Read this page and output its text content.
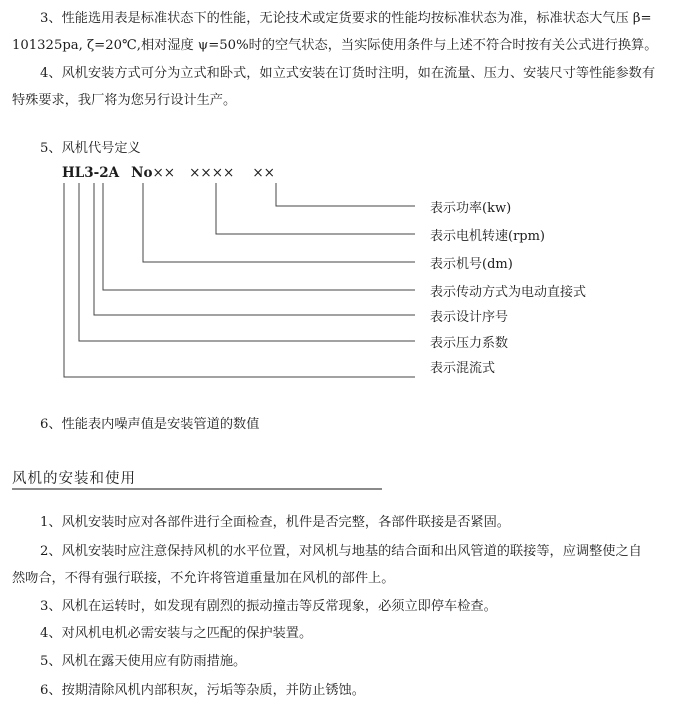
3、性能选用表是标准状态下的性能，无论技术或定货要求的性能均按标准状态为准，标准状态大气压 β=
101325pa, ζ=20℃,相对湿度 ψ=50%时的空气状态，当实际使用条件与上述不符合时按有关公式进行换算。
4、风机安装方式可分为立式和卧式，如立式安装在订货时注明，如在流量、压力、安装尺寸等性能参数有
特殊要求，我厂将为您另行设计生产。
5、风机代号定义
HL3-2A No×× ×××× ××
表示功率(kw)
表示电机转速(rpm)
表示机号(dm)
表示传动方式为电动直接式
表示设计序号
表示压力系数
表示混流式
6、性能表内噪声值是安装管道的数值
风机的安装和使用
1、风机安装时应对各部件进行全面检查，机件是否完整，各部件联接是否紧固。
2、风机安装时应注意保持风机的水平位置，对风机与地基的结合面和出风管道的联接等，应调整使之自
然吻合，不得有强行联接，不允许将管道重量加在风机的部件上。
3、风机在运转时，如发现有剧烈的振动撞击等反常现象，必须立即停车检查。
4、对风机电机必需安装与之匹配的保护装置。
5、风机在露天使用应有防雨措施。
6、按期清除风机内部积灰，污垢等杂质，并防止锈蚀。
